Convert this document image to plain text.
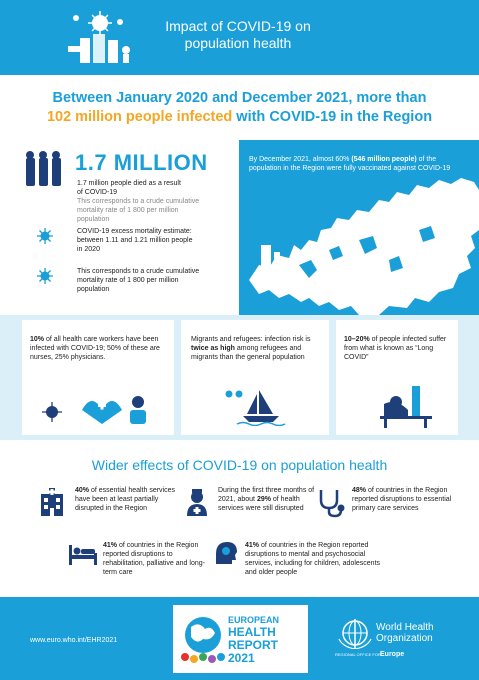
Impact of COVID-19 on population health
Between January 2020 and December 2021, more than
102 million people infected with COVID-19 in the Region
1.7 MILLION
1.7 million people died as a result of COVID-19
This corresponds to a crude cumulative mortality rate of 1 800 per million population
COVID-19 excess mortality estimate: between 1.11 and 1.21 million people in 2020
This corresponds to a crude cumulative mortality rate of 1 800 per million population
By December 2021, almost 60% (546 million people) of the population in the Region were fully vaccinated against COVID-19
10% of all health care workers have been infected with COVID-19; 50% of these are nurses, 25% physicians.
Migrants and refugees: infection risk is twice as high among refugees and migrants than the general population
10–20% of people infected suffer from what is known as “Long COVID”
Wider effects of COVID-19 on population health
40% of essential health services have been at least partially disrupted in the Region
During the first three months of 2021, about 29% of health services were still disrupted
48% of countries in the Region reported disruptions to essential primary care services
41% of countries in the Region reported disruptions to rehabilitation, palliative and long-term care
41% of countries in the Region reported disruptions to mental and psychosocial services, including for children, adolescents and older people
www.euro.who.int/EHR2021
EUROPEAN
HEALTH
REPORT
2021
World Health
Organization
REGIONAL OFFICE FOR Europe
